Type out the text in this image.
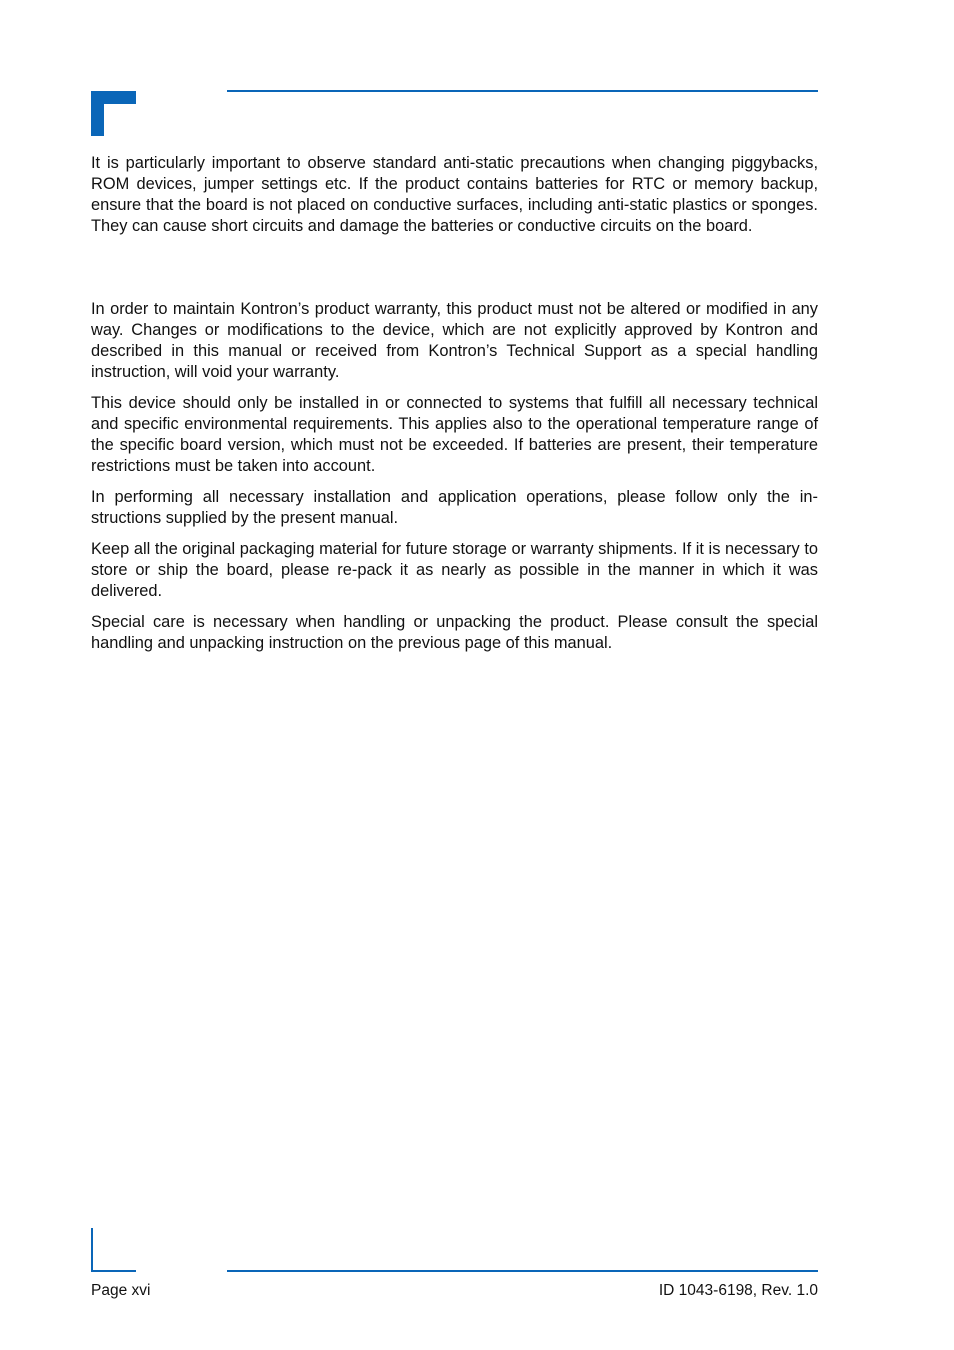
It is particularly important to observe standard anti-static precautions when changing piggybacks, ROM devices, jumper settings etc. If the product contains batteries for RTC or memory backup, ensure that the board is not placed on conductive surfaces, including anti-static plastics or sponges. They can cause short circuits and damage the batteries or conductive circuits on the board.

In order to maintain Kontron’s product warranty, this product must not be altered or modified in any way. Changes or modifications to the device, which are not explicitly approved by Kontron and described in this manual or received from Kontron’s Technical Support as a special handling instruction, will void your warranty.

This device should only be installed in or connected to systems that fulfill all necessary technical and specific environmental requirements. This applies also to the operational temperature range of the specific board version, which must not be exceeded. If batteries are present, their temperature restrictions must be taken into account.

In performing all necessary installation and application operations, please follow only the instructions supplied by the present manual.

Keep all the original packaging material for future storage or warranty shipments. If it is necessary to store or ship the board, please re-pack it as nearly as possible in the manner in which it was delivered.

Special care is necessary when handling or unpacking the product. Please consult the special handling and unpacking instruction on the previous page of this manual.

Page xvi	ID 1043-6198, Rev. 1.0
